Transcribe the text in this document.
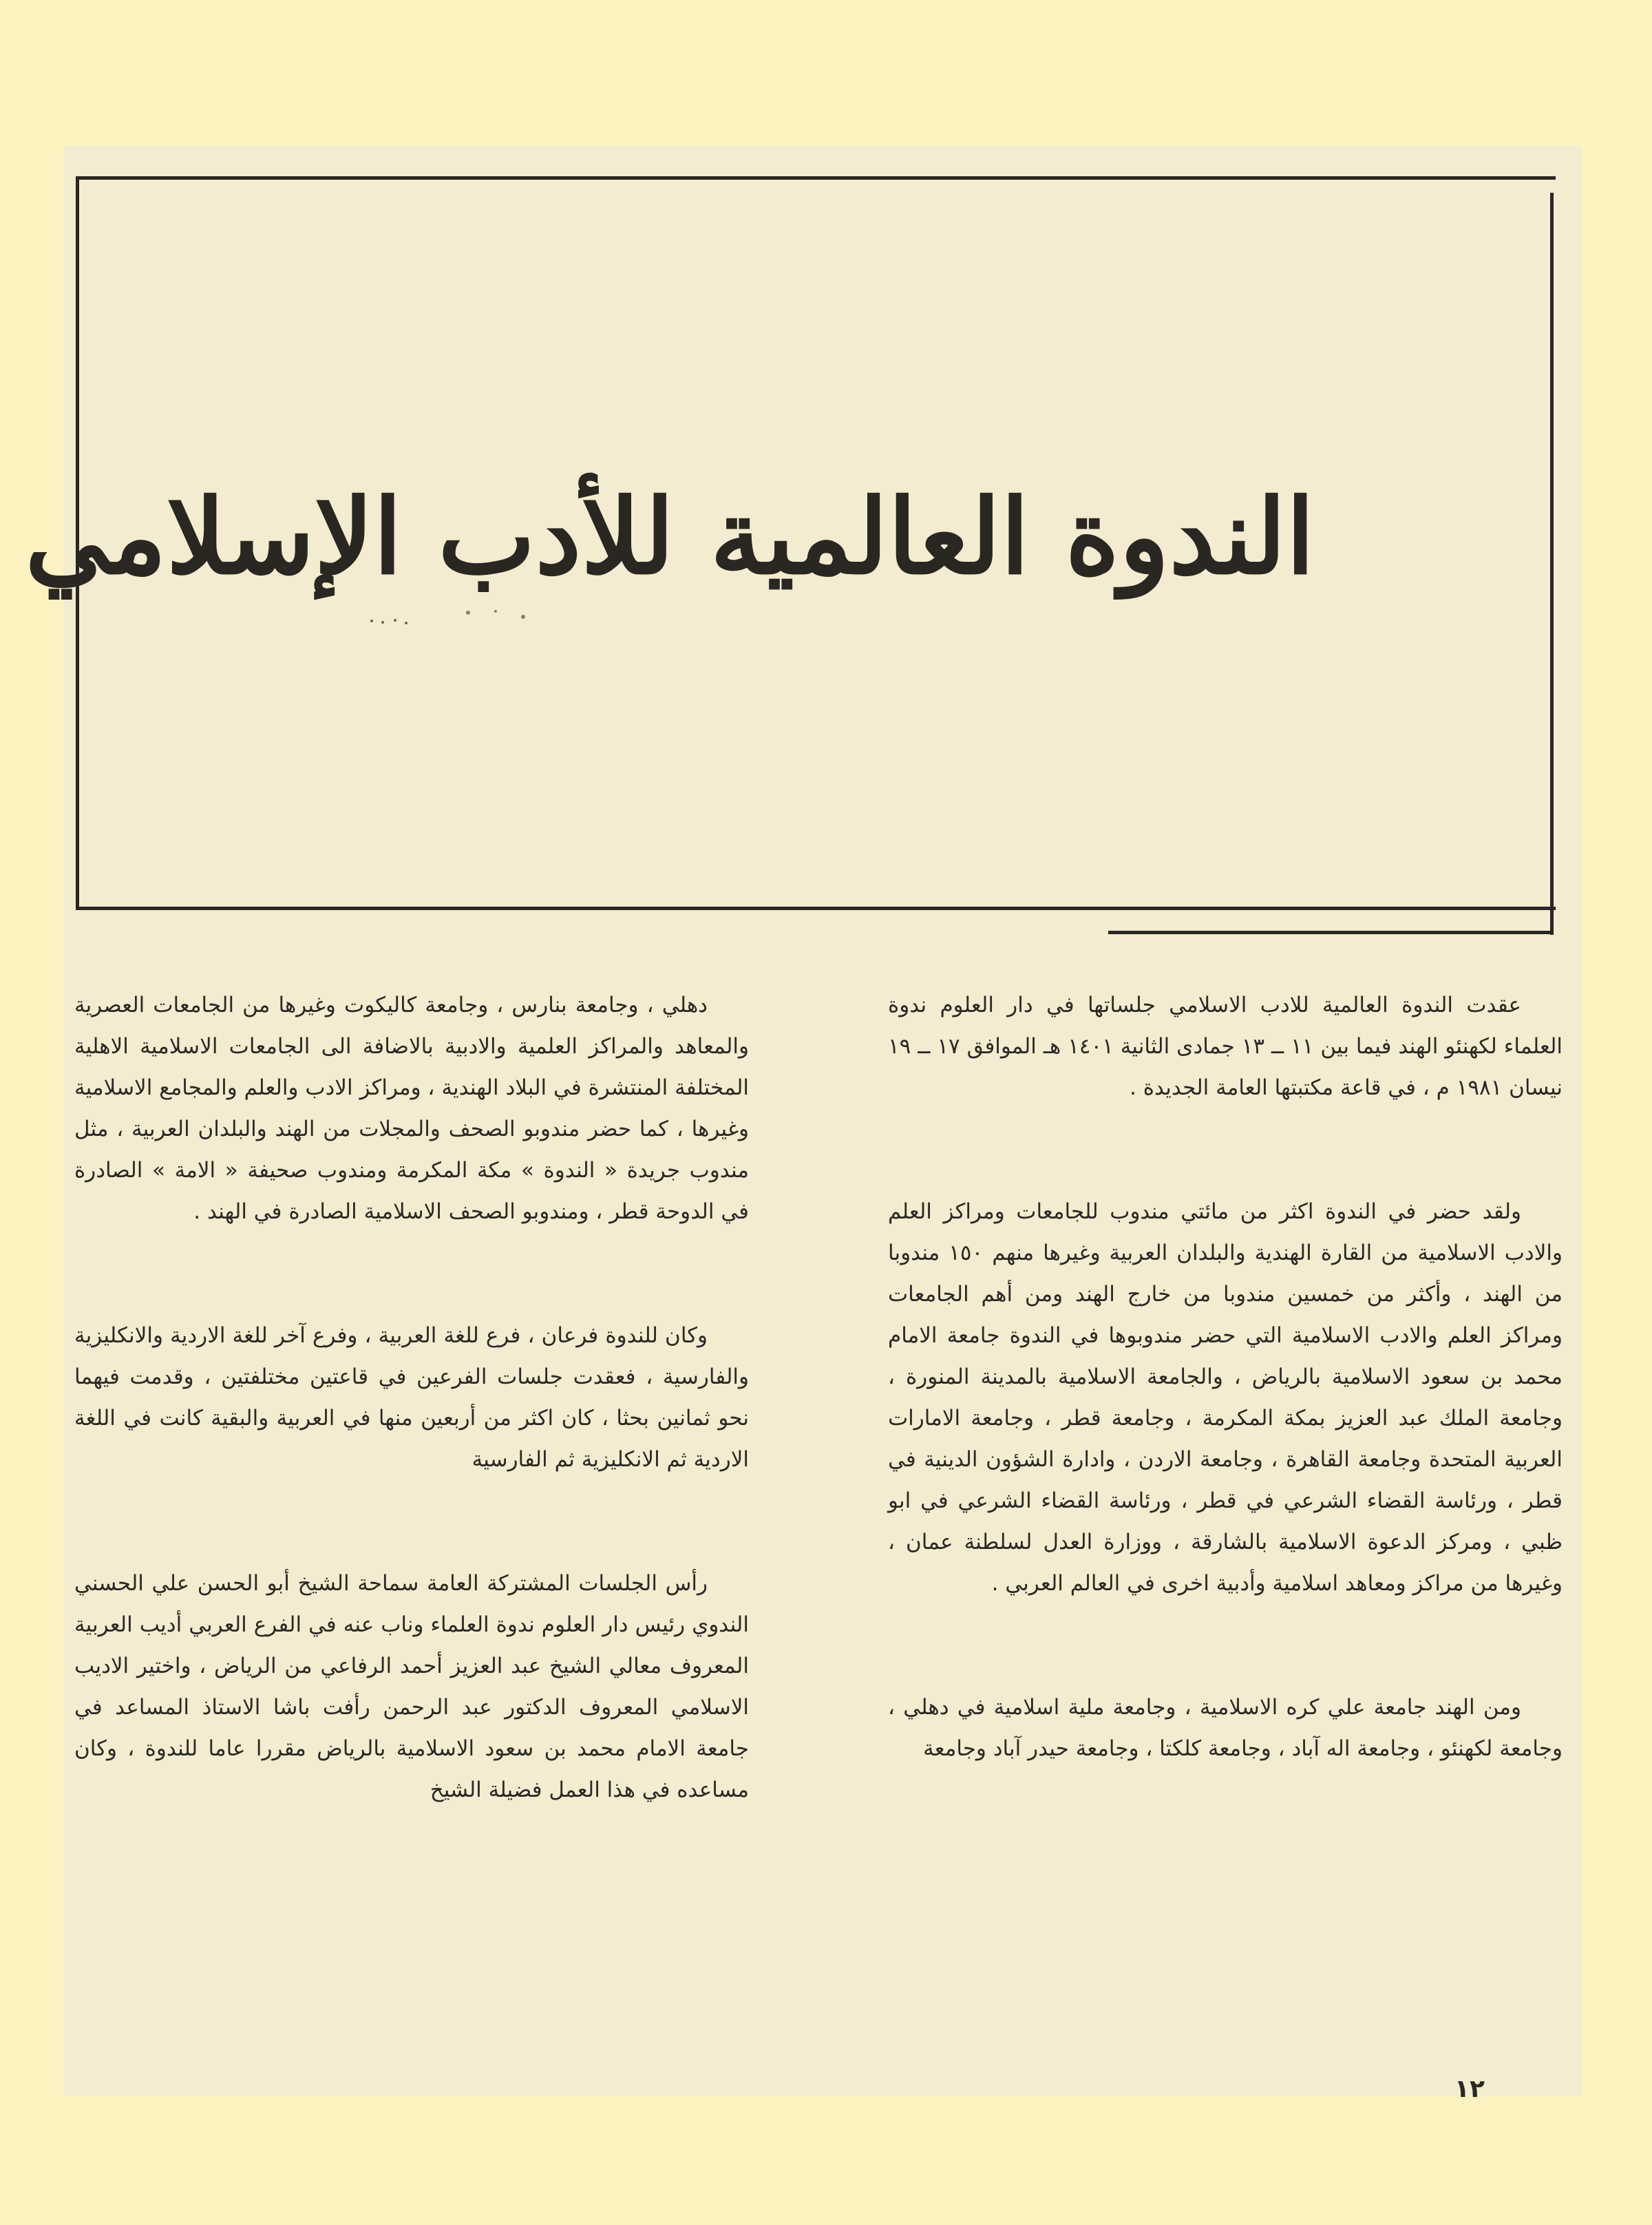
الندوة العالمية للأدب الإسلامي

عقدت الندوة العالمية للادب الاسلامي جلساتها في دار العلوم ندوة العلماء لكهنئو الهند فيما بين ١١ ــ ١٣ جمادى الثانية ١٤٠١ هـ الموافق ١٧ ــ ١٩ نيسان ١٩٨١ م ، في قاعة مكتبتها العامة الجديدة .

ولقد حضر في الندوة اكثر من مائتي مندوب للجامعات ومراكز العلم والادب الاسلامية من القارة الهندية والبلدان العربية وغيرها منهم ١٥٠ مندوبا من الهند ، وأكثر من خمسين مندوبا من خارج الهند ومن أهم الجامعات ومراكز العلم والادب الاسلامية التي حضر مندوبوها في الندوة جامعة الامام محمد بن سعود الاسلامية بالرياض ، والجامعة الاسلامية بالمدينة المنورة ، وجامعة الملك عبد العزيز بمكة المكرمة ، وجامعة قطر ، وجامعة الامارات العربية المتحدة وجامعة القاهرة ، وجامعة الاردن ، وادارة الشؤون الدينية في قطر ، ورئاسة القضاء الشرعي في قطر ، ورئاسة القضاء الشرعي في ابو ظبي ، ومركز الدعوة الاسلامية بالشارقة ، ووزارة العدل لسلطنة عمان ، وغيرها من مراكز ومعاهد اسلامية وأدبية اخرى في العالم العربي .

ومن الهند جامعة علي كره الاسلامية ، وجامعة ملية اسلامية في دهلي ، وجامعة لكهنئو ، وجامعة اله آباد ، وجامعة كلكتا ، وجامعة حيدر آباد وجامعة

دهلي ، وجامعة بنارس ، وجامعة كاليكوت وغيرها من الجامعات العصرية والمعاهد والمراكز العلمية والادبية بالاضافة الى الجامعات الاسلامية الاهلية المختلفة المنتشرة في البلاد الهندية ، ومراكز الادب والعلم والمجامع الاسلامية وغيرها ، كما حضر مندوبو الصحف والمجلات من الهند والبلدان العربية ، مثل مندوب جريدة « الندوة » مكة المكرمة ومندوب صحيفة « الامة » الصادرة في الدوحة قطر ، ومندوبو الصحف الاسلامية الصادرة في الهند .

وكان للندوة فرعان ، فرع للغة العربية ، وفرع آخر للغة الاردية والانكليزية والفارسية ، فعقدت جلسات الفرعين في قاعتين مختلفتين ، وقدمت فيهما نحو ثمانين بحثا ، كان اكثر من أربعين منها في العربية والبقية كانت في اللغة الاردية ثم الانكليزية ثم الفارسية

رأس الجلسات المشتركة العامة سماحة الشيخ أبو الحسن علي الحسني الندوي رئيس دار العلوم ندوة العلماء وناب عنه في الفرع العربي أديب العربية المعروف معالي الشيخ عبد العزيز أحمد الرفاعي من الرياض ، واختير الاديب الاسلامي المعروف الدكتور عبد الرحمن رأفت باشا الاستاذ المساعد في جامعة الامام محمد بن سعود الاسلامية بالرياض مقررا عاما للندوة ، وكان مساعده في هذا العمل فضيلة الشيخ

١٢
